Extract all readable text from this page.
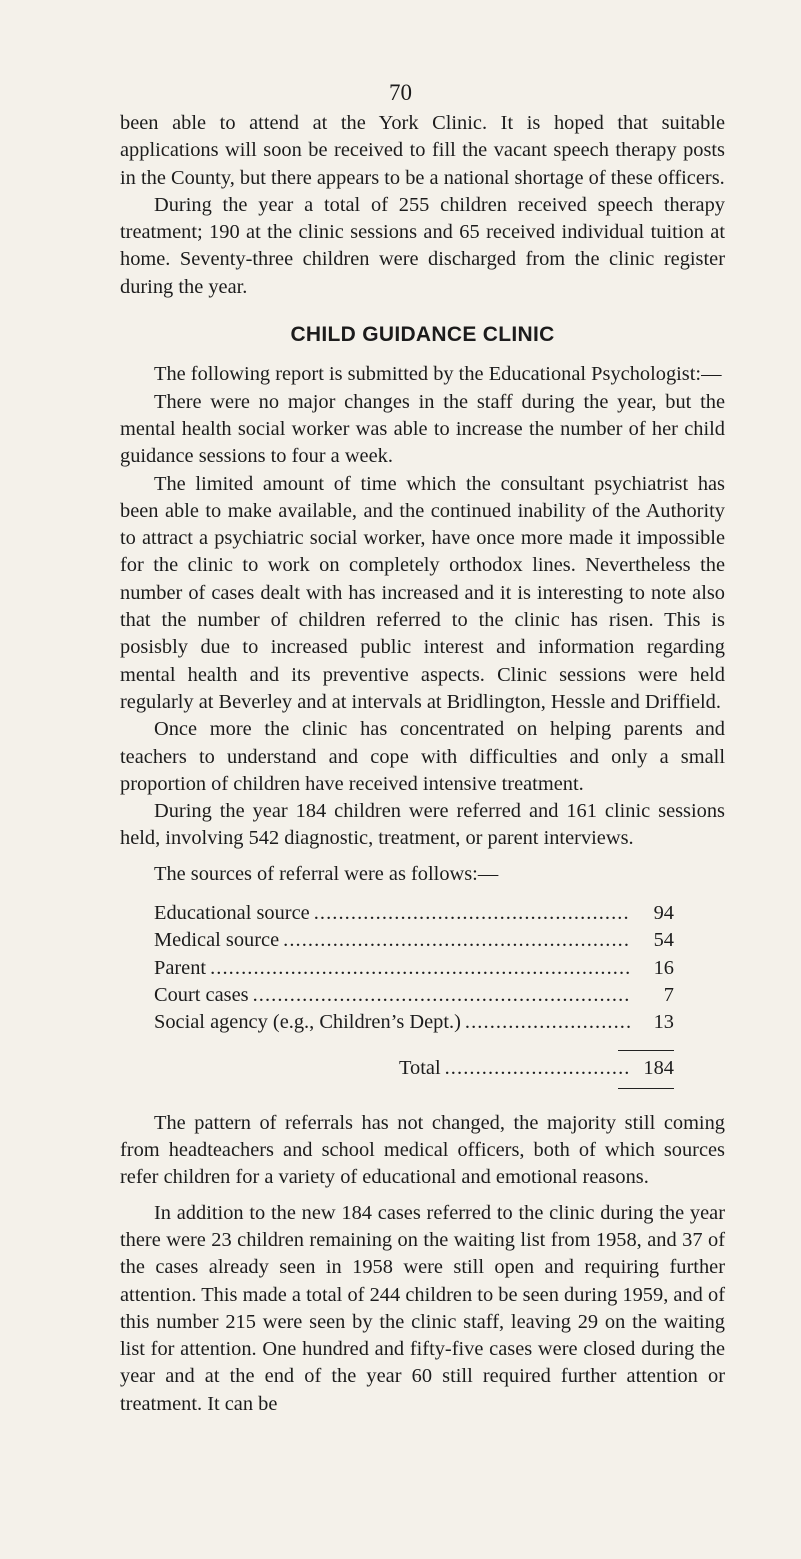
70

been able to attend at the York Clinic. It is hoped that suitable applications will soon be received to fill the vacant speech therapy posts in the County, but there appears to be a national shortage of these officers.

During the year a total of 255 children received speech therapy treatment; 190 at the clinic sessions and 65 received individual tuition at home. Seventy-three children were discharged from the clinic register during the year.

CHILD GUIDANCE CLINIC

The following report is submitted by the Educational Psychologist:—

There were no major changes in the staff during the year, but the mental health social worker was able to increase the number of her child guidance sessions to four a week.

The limited amount of time which the consultant psychiatrist has been able to make available, and the continued inability of the Authority to attract a psychiatric social worker, have once more made it impossible for the clinic to work on completely orthodox lines. Nevertheless the number of cases dealt with has increased and it is interesting to note also that the number of children referred to the clinic has risen. This is posisbly due to increased public interest and information regarding mental health and its preventive aspects. Clinic sessions were held regularly at Beverley and at intervals at Bridlington, Hessle and Driffield.

Once more the clinic has concentrated on helping parents and teachers to understand and cope with difficulties and only a small proportion of children have received intensive treatment.

During the year 184 children were referred and 161 clinic sessions held, involving 542 diagnostic, treatment, or parent interviews.

The sources of referral were as follows:—

Educational source . . .	94
Medical source . . .	54
Parent . . .	16
Court cases . . .	7
Social agency (e.g., Children’s Dept.) . . .	13
Total . . .	184

The pattern of referrals has not changed, the majority still coming from headteachers and school medical officers, both of which sources refer children for a variety of educational and emotional reasons.

In addition to the new 184 cases referred to the clinic during the year there were 23 children remaining on the waiting list from 1958, and 37 of the cases already seen in 1958 were still open and requiring further attention. This made a total of 244 children to be seen during 1959, and of this number 215 were seen by the clinic staff, leaving 29 on the waiting list for attention. One hundred and fifty-five cases were closed during the year and at the end of the year 60 still required further attention or treatment. It can be
